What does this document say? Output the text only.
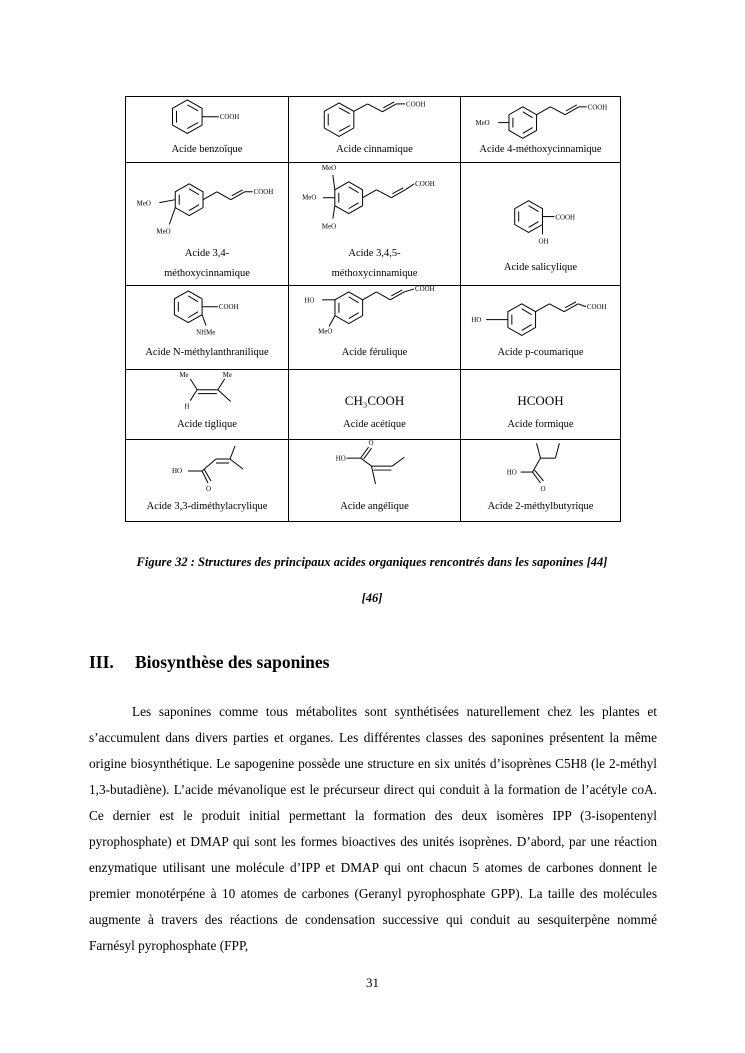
COOH
Acide benzoïque
COOH
Acide cinnamique
COOH
MeO
Acide 4-méthoxycinnamique
COOH
MeO
MeO
Acide 3,4-
méthoxycinnamique
MeO
MeO
MeO
COOH
Acide 3,4,5-
méthoxycinnamique
COOH
OH
Acide salicylique
COOH
NHMe
Acide N-méthylanthranilique
COOH
HO
MeO
Acide férulique
COOH
HO
Acide p-coumarique
Me	Me
H
Acide tiglique
CH₃COOH
Acide acétique
HCOOH
Acide formique
HO
O
Acide 3,3-diméthylacrylique
O
HO
Acide angélique
HO
O
Acide 2-méthylbutyrique
Figure 32 : Structures des principaux acides organiques rencontrés dans les saponines [44]
[46]
III. Biosynthèse des saponines

Les saponines comme tous métabolites sont synthétisées naturellement chez les plantes et s’accumulent dans divers parties et organes. Les différentes classes des saponines présentent la même origine biosynthétique. Le sapogenine possède une structure en six unités d’isoprènes C5H8 (le 2-méthyl 1,3-butadiène). L’acide mévanolique est le précurseur direct qui conduit à la formation de l’acétyle coA. Ce dernier est le produit initial permettant la formation des deux isomères IPP (3-isopentenyl pyrophosphate) et DMAP qui sont les formes bioactives des unités isoprènes. D’abord, par une réaction enzymatique utilisant une molécule d’IPP et DMAP qui ont chacun 5 atomes de carbones donnent le premier monotérpéne à 10 atomes de carbones (Geranyl pyrophosphate GPP). La taille des molécules augmente à travers des réactions de condensation successive qui conduit au sesquiterpène nommé Farnésyl pyrophosphate (FPP,

31
